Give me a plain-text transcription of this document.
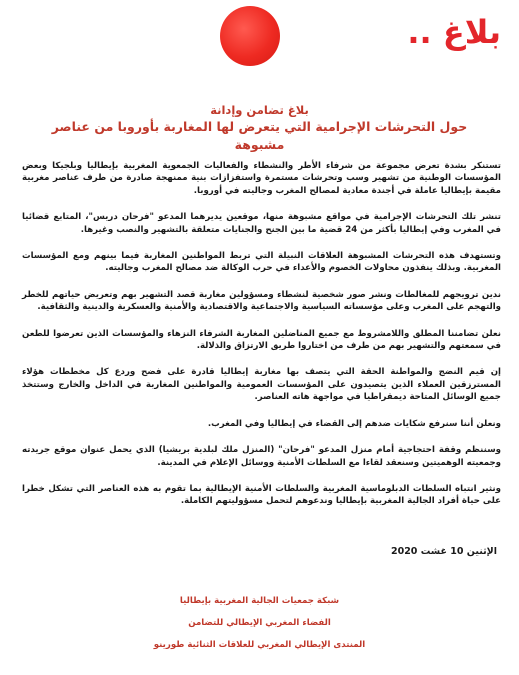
بلاغ ..
بلاغ تضامن وإدانة
حول التحرشات الإجرامية التي يتعرض لها المغاربة بأوروبا من عناصر مشبوهة

تستنكر بشدة تعرض مجموعة من شرفاء الأطر والنشطاء والفعاليات الجمعوية المغربية بإيطاليا وبلجيكا وبعض المؤسسات الوطنية من تشهير وسب وتحرشات مستمرة واستفزازات بنية ممنهجة صادرة من طرف عناصر مغربية مقيمة بإيطاليا عاملة في أجندة معادية لمصالح المغرب وجاليته في أوروبا.

تنشر تلك التحرشات الإجرامية في مواقع مشبوهة منها، موقعين يديرهما المدعو "فرحان دريس"، المتابع قضائيا في المغرب وفي إيطاليا بأكثر من 24 قضية ما بين الجنح والجنايات متعلقة بالتشهير والنصب وغيرها.

وتستهدف هذه التحرشات المشبوهة العلاقات النبيلة التي تربط المواطنين المغاربة فيما بينهم ومع المؤسسات المغربية. وبذلك ينفذون محاولات الخصوم والأعداء في حرب الوكالة ضد مصالح المغرب وجاليته.

ندين ترويجهم للمغالطات ونشر صور شخصية لنشطاء ومسؤولين مغاربة قصد التشهير بهم وتعريض حياتهم للخطر والتهجم على المغرب وعلى مؤسساته السياسية والاجتماعية والاقتصادية والأمنية والعسكرية والدينية والثقافية.

نعلن تضامننا المطلق واللامشروط مع جميع المناضلين المغاربة الشرفاء النزهاء والمؤسسات الذين تعرضوا للطعن في سمعتهم والتشهير بهم من طرف من اختاروا طريق الارتزاق والذلالة.

إن قيم النضج والمواطنة الحقة التي يتصف بها مغاربة إيطاليا قادرة على فضح وردع كل مخططات هؤلاء المسترزقين العملاء الذين يتصيدون على المؤسسات العمومية والمواطنين المغاربة في الداخل والخارج وستتخذ جميع الوسائل المتاحة ديمقراطيا في مواجهة هاته العناصر.

ونعلن أننا سنرفع شكايات ضدهم إلى القضاء في إيطاليا وفي المغرب.

وسننظم وقفة احتجاجية أمام منزل المدعو "فرحان" (المنزل ملك لبلدية بريشيا) الذي يحمل عنوان موقع جريدته وجمعيته الوهميتين وسنعقد لقاءا مع السلطات الأمنية ووسائل الإعلام في المدينة.

ونثير انتباه السلطات الدبلوماسية المغربية والسلطات الأمنية الإيطالية بما تقوم به هذه العناصر التي تشكل خطرا على حياة أفراد الجالية المغربية بإيطاليا وندعوهم لتحمل مسؤوليتهم الكاملة.

الإثنين 10 غشت 2020
شبكة جمعيات الجالية المغربية بإيطاليا
الفضاء المغربي الإيطالي للتضامن
المنتدى الإيطالي المغربي للعلاقات الثنائية طورينو
